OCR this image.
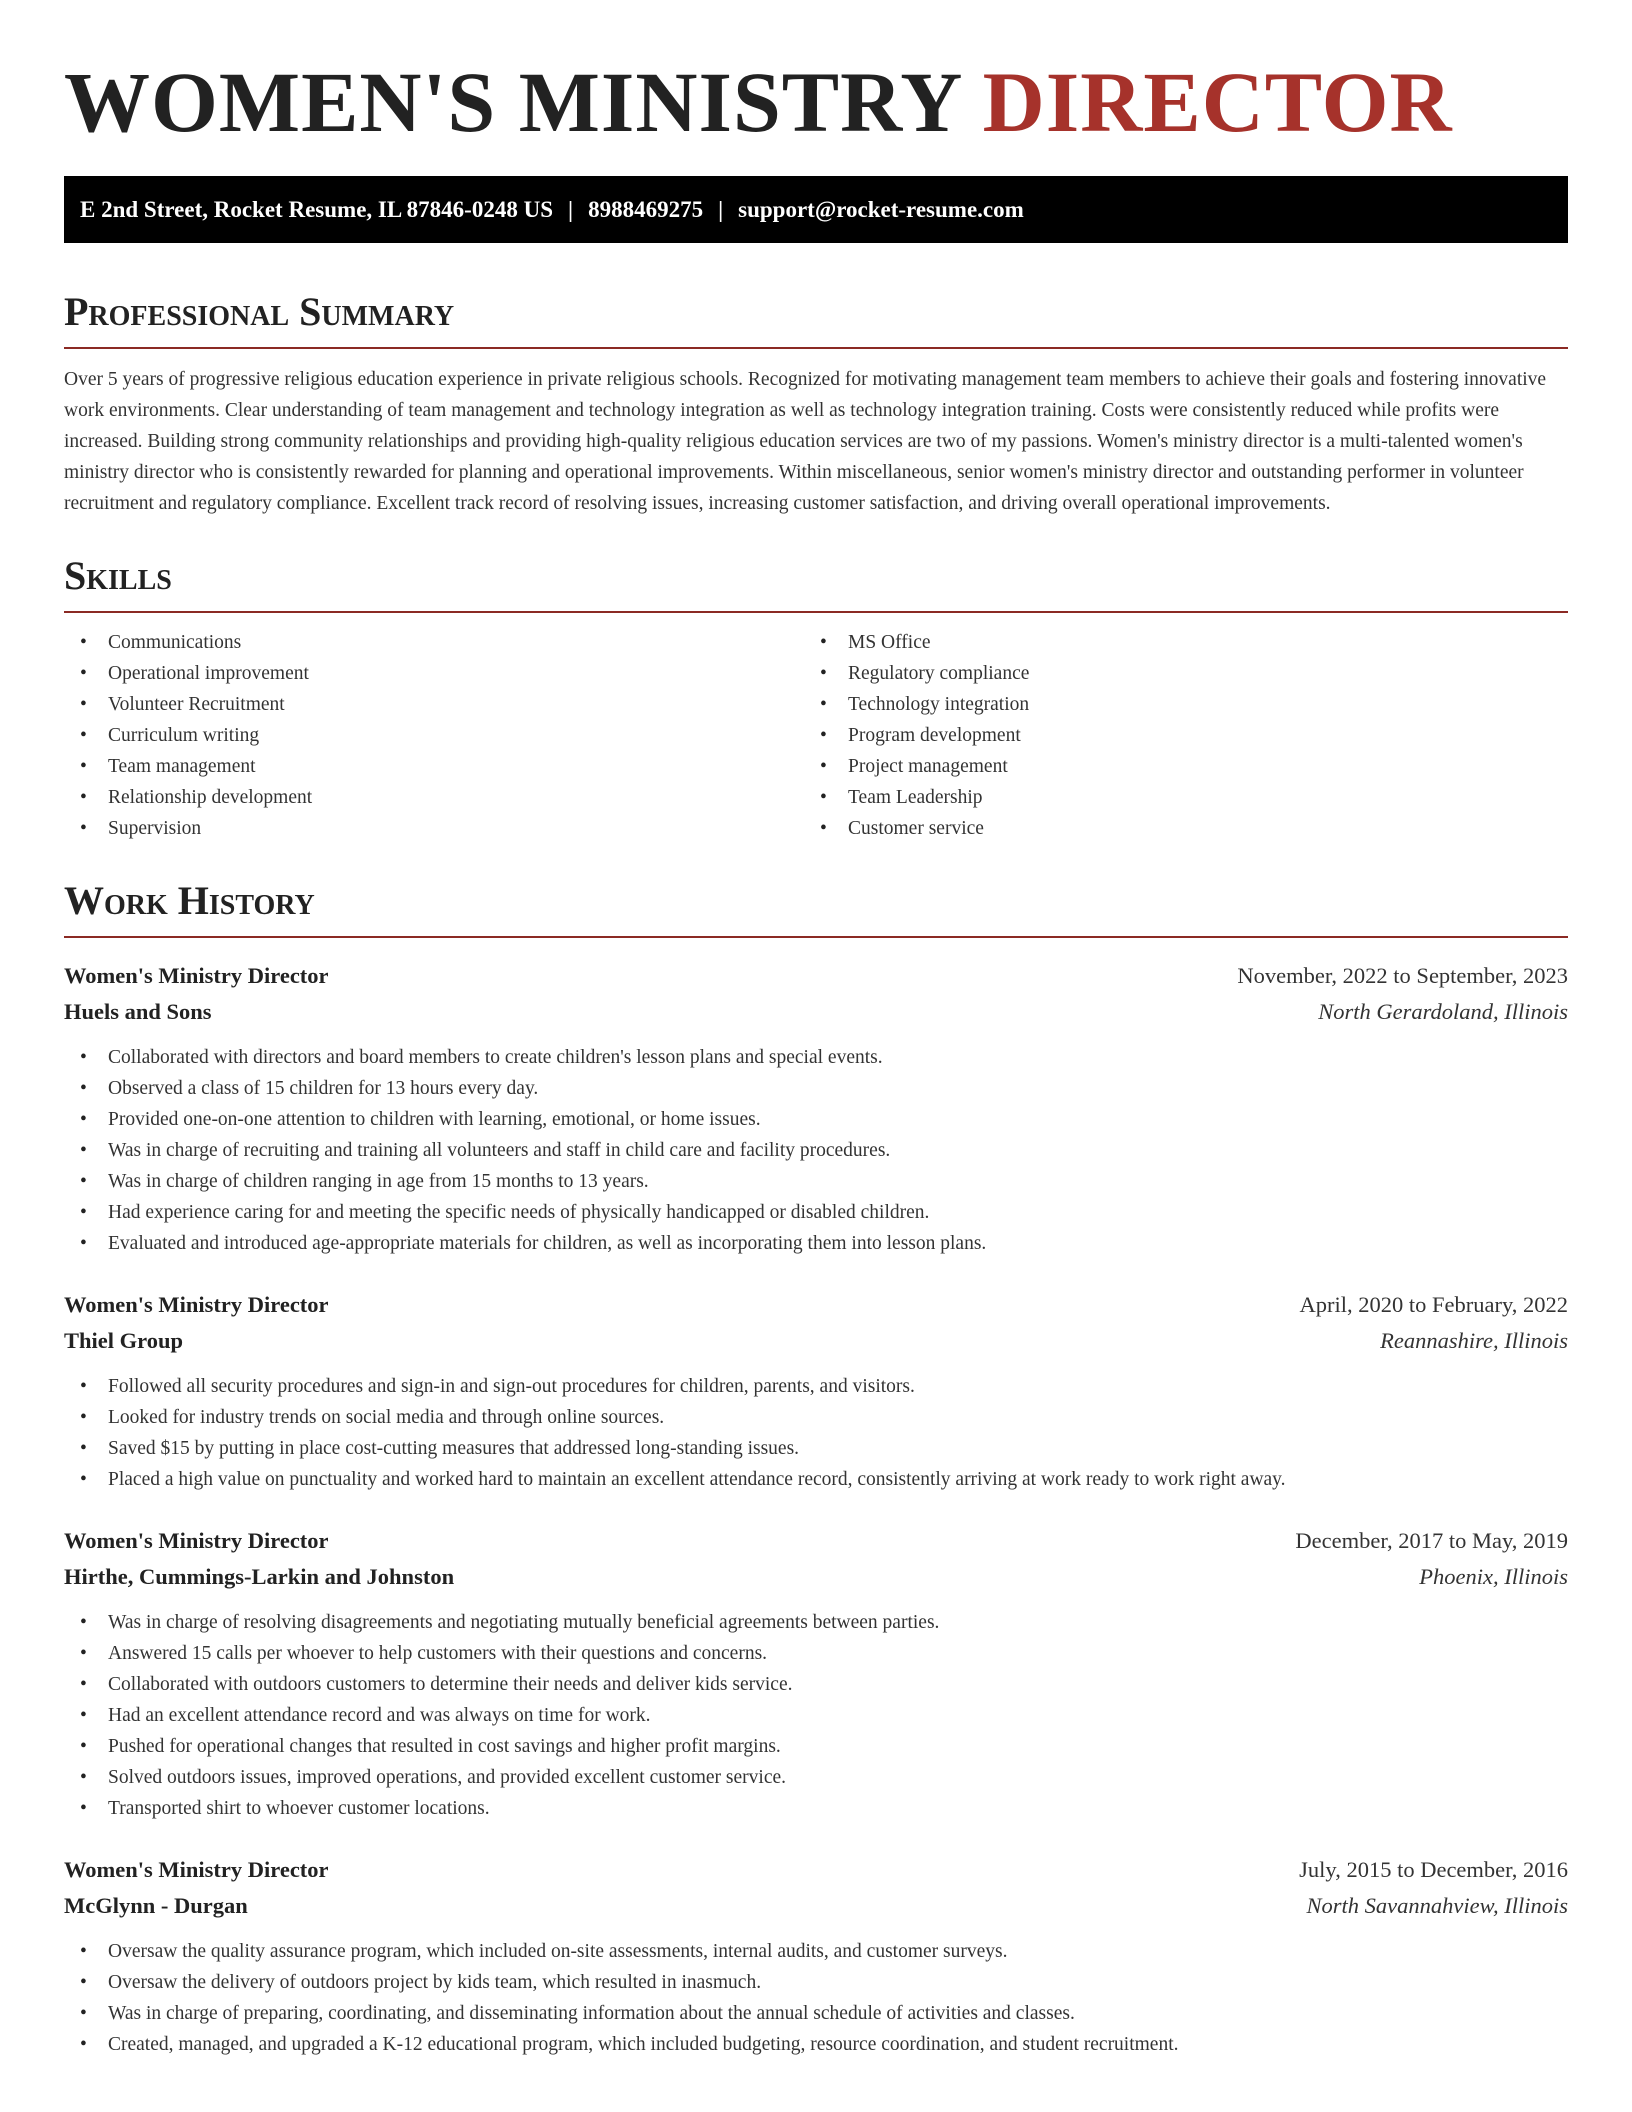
WOMEN'S MINISTRY DIRECTOR
E 2nd Street, Rocket Resume, IL 87846-0248 US | 8988469275 | support@rocket-resume.com
Professional Summary

Over 5 years of progressive religious education experience in private religious schools. Recognized for motivating management team members to achieve their goals and fostering innovative work environments. Clear understanding of team management and technology integration as well as technology integration training. Costs were consistently reduced while profits were increased. Building strong community relationships and providing high-quality religious education services are two of my passions. Women's ministry director is a multi-talented women's ministry director who is consistently rewarded for planning and operational improvements. Within miscellaneous, senior women's ministry director and outstanding performer in volunteer recruitment and regulatory compliance. Excellent track record of resolving issues, increasing customer satisfaction, and driving overall operational improvements.

Skills
• Communications
• Operational improvement
• Volunteer Recruitment
• Curriculum writing
• Team management
• Relationship development
• Supervision
• MS Office
• Regulatory compliance
• Technology integration
• Program development
• Project management
• Team Leadership
• Customer service
Work History
Women's Ministry Director	November, 2022 to September, 2023
Huels and Sons	North Gerardoland, Illinois
• Collaborated with directors and board members to create children's lesson plans and special events.
• Observed a class of 15 children for 13 hours every day.
• Provided one-on-one attention to children with learning, emotional, or home issues.
• Was in charge of recruiting and training all volunteers and staff in child care and facility procedures.
• Was in charge of children ranging in age from 15 months to 13 years.
• Had experience caring for and meeting the specific needs of physically handicapped or disabled children.
• Evaluated and introduced age-appropriate materials for children, as well as incorporating them into lesson plans.
Women's Ministry Director	April, 2020 to February, 2022
Thiel Group	Reannashire, Illinois
• Followed all security procedures and sign-in and sign-out procedures for children, parents, and visitors.
• Looked for industry trends on social media and through online sources.
• Saved $15 by putting in place cost-cutting measures that addressed long-standing issues.
• Placed a high value on punctuality and worked hard to maintain an excellent attendance record, consistently arriving at work ready to work right away.
Women's Ministry Director	December, 2017 to May, 2019
Hirthe, Cummings-Larkin and Johnston	Phoenix, Illinois
• Was in charge of resolving disagreements and negotiating mutually beneficial agreements between parties.
• Answered 15 calls per whoever to help customers with their questions and concerns.
• Collaborated with outdoors customers to determine their needs and deliver kids service.
• Had an excellent attendance record and was always on time for work.
• Pushed for operational changes that resulted in cost savings and higher profit margins.
• Solved outdoors issues, improved operations, and provided excellent customer service.
• Transported shirt to whoever customer locations.
Women's Ministry Director	July, 2015 to December, 2016
McGlynn - Durgan	North Savannahview, Illinois
• Oversaw the quality assurance program, which included on-site assessments, internal audits, and customer surveys.
• Oversaw the delivery of outdoors project by kids team, which resulted in inasmuch.
• Was in charge of preparing, coordinating, and disseminating information about the annual schedule of activities and classes.
• Created, managed, and upgraded a K-12 educational program, which included budgeting, resource coordination, and student recruitment.
